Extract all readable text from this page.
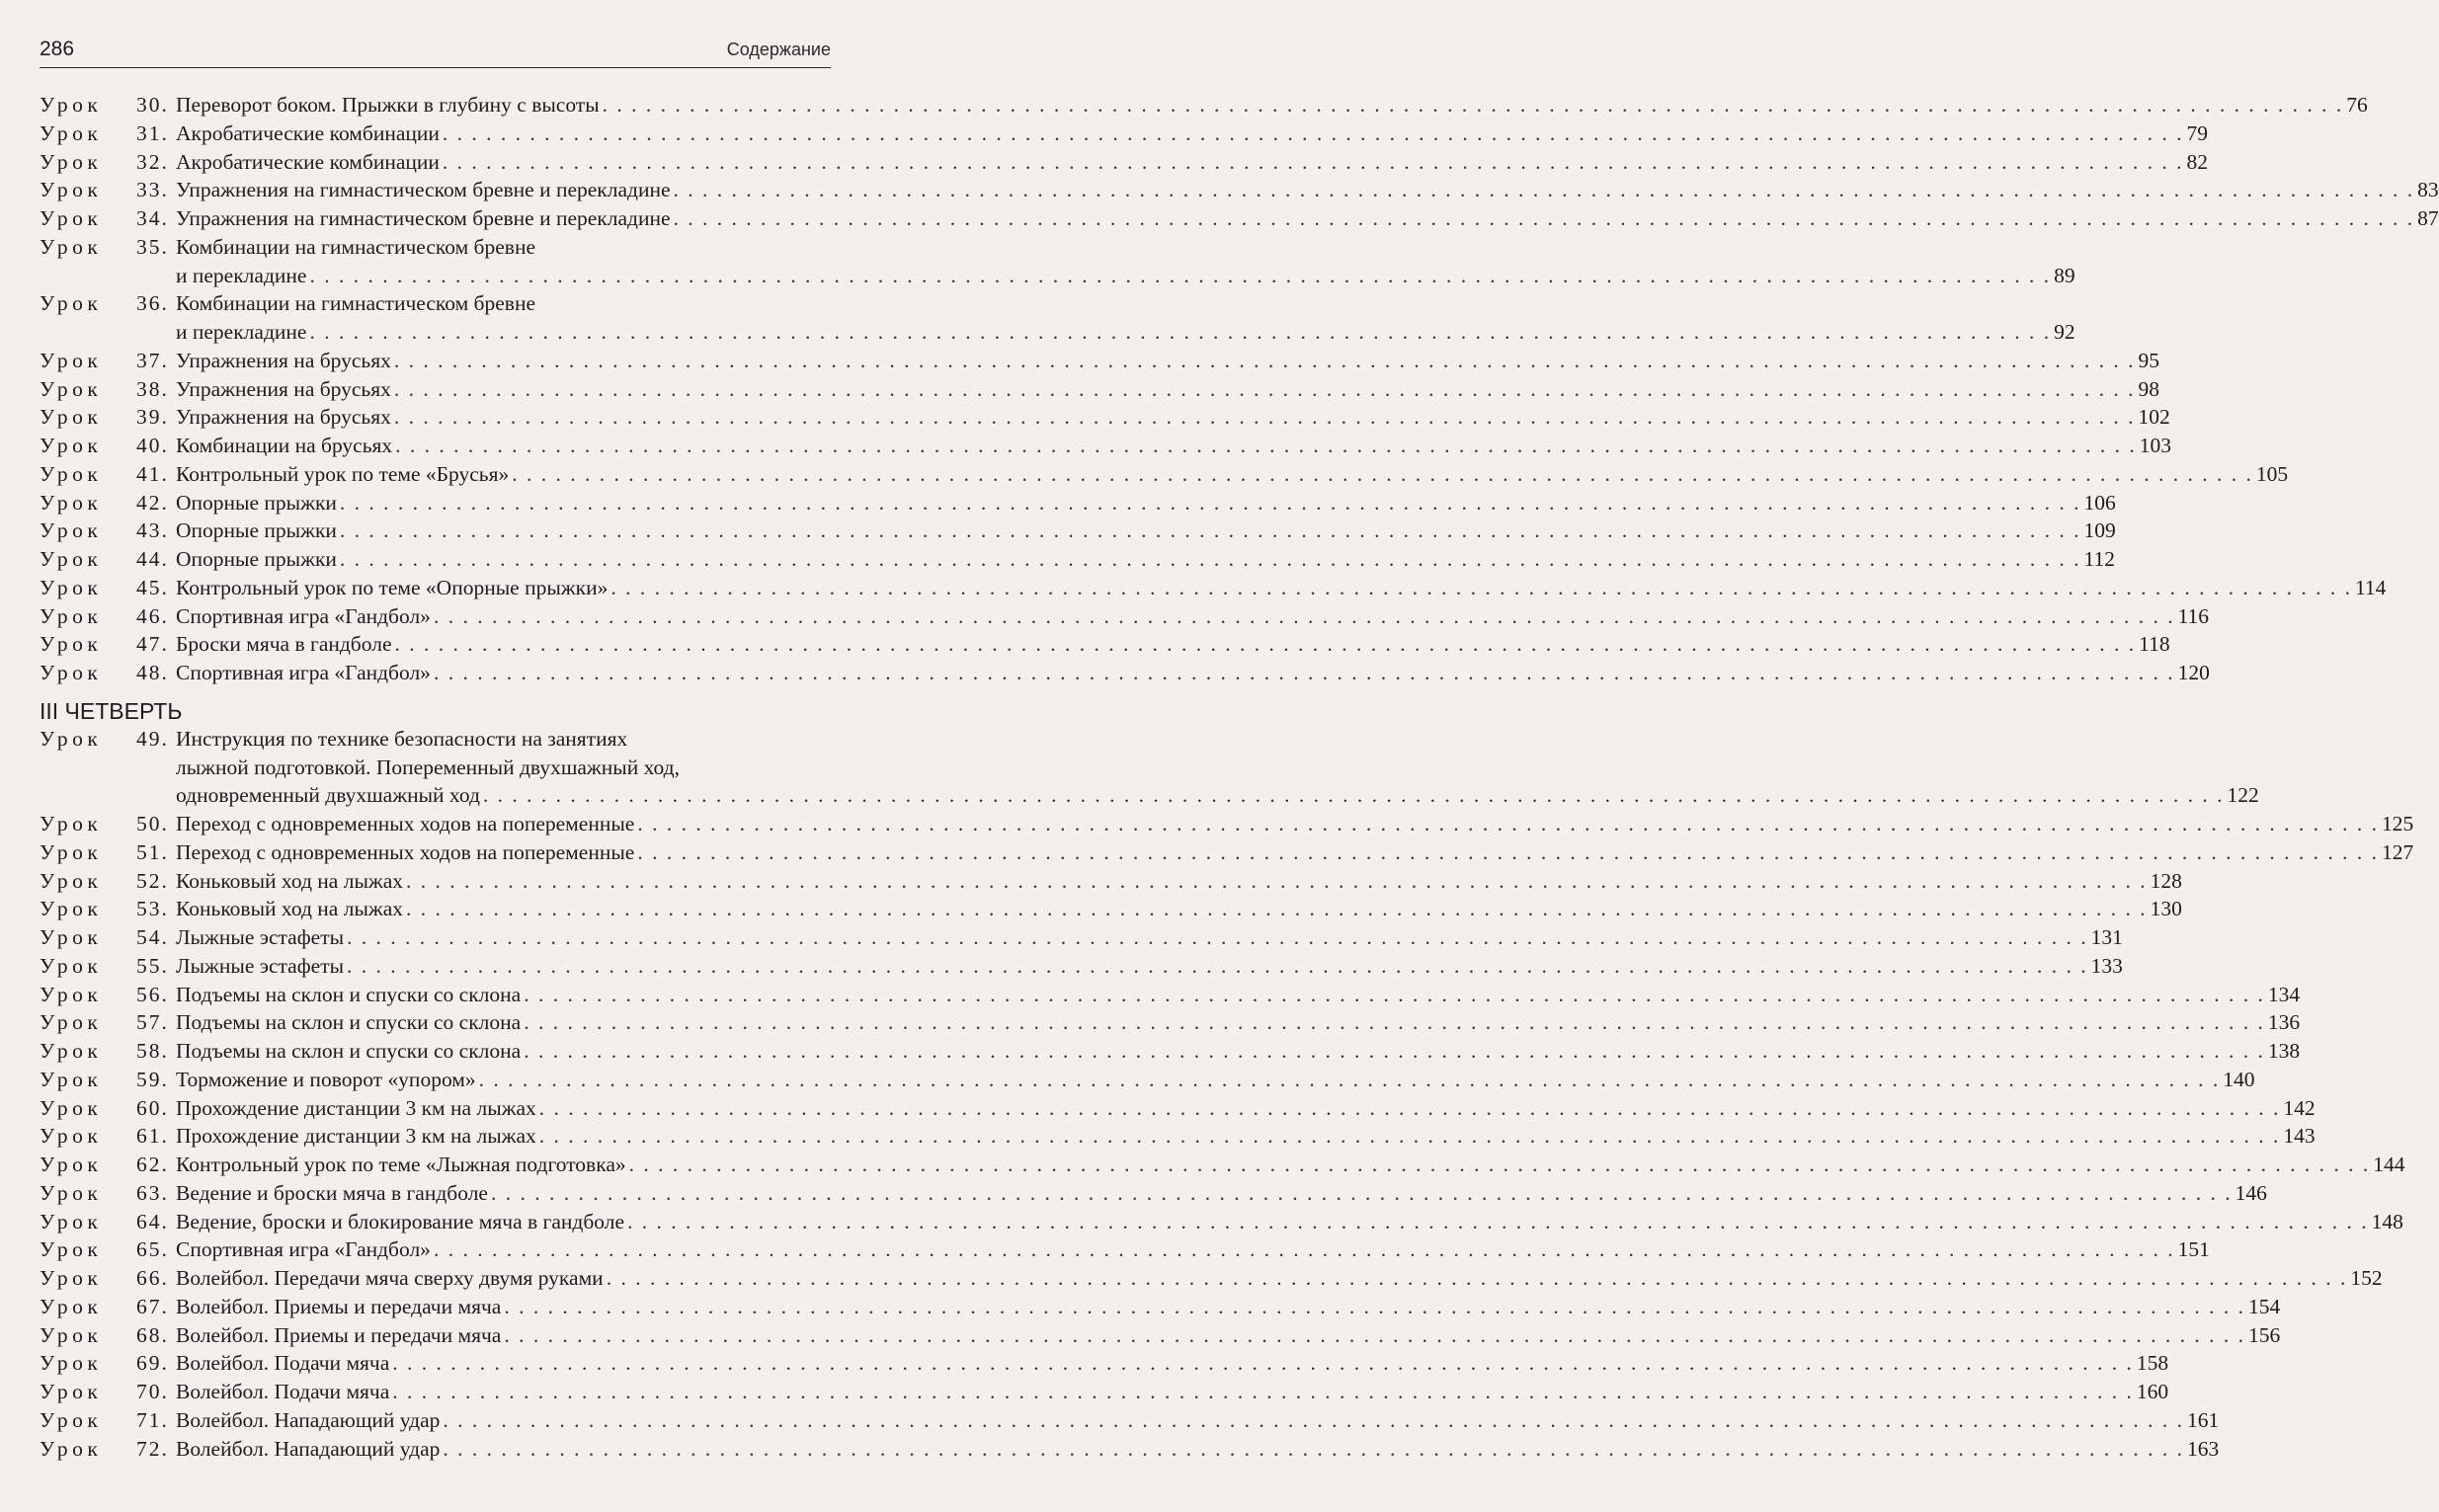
286	Содержание
Урок	30. Переворот боком. Прыжки в глубину с высоты . . . . . . . . . . . . . . . . . . . . . . . . . . . . . . . . . . . . . . . . . . . . . . . . . . . . . . . . . . . . . . . . . . . . . . . . . . . . . . . . . . . . . . . . . . . . . . . . . . . . . . . . . . . . . . . . . . . . . . . . 76
Урок	31. Акробатические комбинации . . . . . . . . . . . . . . . . . . . . . . . . . . . . . . . . . . . . . . . . . . . . . . . . . . . . . . . . . . . . . . . . . . . . . . . . . . . . . . . . . . . . . . . . . . . . . . . . . . . . . . . . . . . . . . . . . . . . . . . . 79
Урок	32. Акробатические комбинации . . . . . . . . . . . . . . . . . . . . . . . . . . . . . . . . . . . . . . . . . . . . . . . . . . . . . . . . . . . . . . . . . . . . . . . . . . . . . . . . . . . . . . . . . . . . . . . . . . . . . . . . . . . . . . . . . . . . . . . . 82
Урок	33. Упражнения на гимнастическом бревне и перекладине . . . . . . . . . . . . . . . . . . . . . . . . . . . . . . . . . . . . . . . . . . . . . . . . . . . . . . . . . . . . . . . . . . . . . . . . . . . . . . . . . . . . . . . . . . . . . . . . . . . . . . . . . . . . . . . . . . . . . . . . 83
Урок	34. Упражнения на гимнастическом бревне и перекладине . . . . . . . . . . . . . . . . . . . . . . . . . . . . . . . . . . . . . . . . . . . . . . . . . . . . . . . . . . . . . . . . . . . . . . . . . . . . . . . . . . . . . . . . . . . . . . . . . . . . . . . . . . . . . . . . . . . . . . . . 87
Урок	35. Комбинации на гимнастическом бревне
и перекладине . . . . . . . . . . . . . . . . . . . . . . . . . . . . . . . . . . . . . . . . . . . . . . . . . . . . . . . . . . . . . . . . . . . . . . . . . . . . . . . . . . . . . . . . . . . . . . . . . . . . . . . . . . . . . . . . . . . . . . . . 89
Урок	36. Комбинации на гимнастическом бревне
и перекладине . . . . . . . . . . . . . . . . . . . . . . . . . . . . . . . . . . . . . . . . . . . . . . . . . . . . . . . . . . . . . . . . . . . . . . . . . . . . . . . . . . . . . . . . . . . . . . . . . . . . . . . . . . . . . . . . . . . . . . . . 92
Урок	37. Упражнения на брусьях . . . . . . . . . . . . . . . . . . . . . . . . . . . . . . . . . . . . . . . . . . . . . . . . . . . . . . . . . . . . . . . . . . . . . . . . . . . . . . . . . . . . . . . . . . . . . . . . . . . . . . . . . . . . . . . . . . . . . . . . 95
Урок	38. Упражнения на брусьях . . . . . . . . . . . . . . . . . . . . . . . . . . . . . . . . . . . . . . . . . . . . . . . . . . . . . . . . . . . . . . . . . . . . . . . . . . . . . . . . . . . . . . . . . . . . . . . . . . . . . . . . . . . . . . . . . . . . . . . . 98
Урок	39. Упражнения на брусьях . . . . . . . . . . . . . . . . . . . . . . . . . . . . . . . . . . . . . . . . . . . . . . . . . . . . . . . . . . . . . . . . . . . . . . . . . . . . . . . . . . . . . . . . . . . . . . . . . . . . . . . . . . . . . . . . . . . . . . . . 102
Урок	40. Комбинации на брусьях . . . . . . . . . . . . . . . . . . . . . . . . . . . . . . . . . . . . . . . . . . . . . . . . . . . . . . . . . . . . . . . . . . . . . . . . . . . . . . . . . . . . . . . . . . . . . . . . . . . . . . . . . . . . . . . . . . . . . . . . 103
Урок	41. Контрольный урок по теме «Брусья» . . . . . . . . . . . . . . . . . . . . . . . . . . . . . . . . . . . . . . . . . . . . . . . . . . . . . . . . . . . . . . . . . . . . . . . . . . . . . . . . . . . . . . . . . . . . . . . . . . . . . . . . . . . . . . . . . . . . . . . . 105
Урок	42. Опорные прыжки . . . . . . . . . . . . . . . . . . . . . . . . . . . . . . . . . . . . . . . . . . . . . . . . . . . . . . . . . . . . . . . . . . . . . . . . . . . . . . . . . . . . . . . . . . . . . . . . . . . . . . . . . . . . . . . . . . . . . . . . 106
Урок	43. Опорные прыжки . . . . . . . . . . . . . . . . . . . . . . . . . . . . . . . . . . . . . . . . . . . . . . . . . . . . . . . . . . . . . . . . . . . . . . . . . . . . . . . . . . . . . . . . . . . . . . . . . . . . . . . . . . . . . . . . . . . . . . . . 109
Урок	44. Опорные прыжки . . . . . . . . . . . . . . . . . . . . . . . . . . . . . . . . . . . . . . . . . . . . . . . . . . . . . . . . . . . . . . . . . . . . . . . . . . . . . . . . . . . . . . . . . . . . . . . . . . . . . . . . . . . . . . . . . . . . . . . . 112
Урок	45. Контрольный урок по теме «Опорные прыжки» . . . . . . . . . . . . . . . . . . . . . . . . . . . . . . . . . . . . . . . . . . . . . . . . . . . . . . . . . . . . . . . . . . . . . . . . . . . . . . . . . . . . . . . . . . . . . . . . . . . . . . . . . . . . . . . . . . . . . . . . 114
Урок	46. Спортивная игра «Гандбол» . . . . . . . . . . . . . . . . . . . . . . . . . . . . . . . . . . . . . . . . . . . . . . . . . . . . . . . . . . . . . . . . . . . . . . . . . . . . . . . . . . . . . . . . . . . . . . . . . . . . . . . . . . . . . . . . . . . . . . . . 116
Урок	47. Броски мяча в гандболе . . . . . . . . . . . . . . . . . . . . . . . . . . . . . . . . . . . . . . . . . . . . . . . . . . . . . . . . . . . . . . . . . . . . . . . . . . . . . . . . . . . . . . . . . . . . . . . . . . . . . . . . . . . . . . . . . . . . . . . . 118
Урок	48. Спортивная игра «Гандбол» . . . . . . . . . . . . . . . . . . . . . . . . . . . . . . . . . . . . . . . . . . . . . . . . . . . . . . . . . . . . . . . . . . . . . . . . . . . . . . . . . . . . . . . . . . . . . . . . . . . . . . . . . . . . . . . . . . . . . . . . 120
III ЧЕТВЕРТЬ
Урок	49. Инструкция по технике безопасности на занятиях
лыжной подготовкой. Попеременный двухшажный ход,
одновременный двухшажный ход . . . . . . . . . . . . . . . . . . . . . . . . . . . . . . . . . . . . . . . . . . . . . . . . . . . . . . . . . . . . . . . . . . . . . . . . . . . . . . . . . . . . . . . . . . . . . . . . . . . . . . . . . . . . . . . . . . . . . . . . 122
Урок	50. Переход с одновременных ходов на попеременные . . . . . . . . . . . . . . . . . . . . . . . . . . . . . . . . . . . . . . . . . . . . . . . . . . . . . . . . . . . . . . . . . . . . . . . . . . . . . . . . . . . . . . . . . . . . . . . . . . . . . . . . . . . . . . . . . . . . . . . . 125
Урок	51. Переход с одновременных ходов на попеременные . . . . . . . . . . . . . . . . . . . . . . . . . . . . . . . . . . . . . . . . . . . . . . . . . . . . . . . . . . . . . . . . . . . . . . . . . . . . . . . . . . . . . . . . . . . . . . . . . . . . . . . . . . . . . . . . . . . . . . . . 127
Урок	52. Коньковый ход на лыжах . . . . . . . . . . . . . . . . . . . . . . . . . . . . . . . . . . . . . . . . . . . . . . . . . . . . . . . . . . . . . . . . . . . . . . . . . . . . . . . . . . . . . . . . . . . . . . . . . . . . . . . . . . . . . . . . . . . . . . . . 128
Урок	53. Коньковый ход на лыжах . . . . . . . . . . . . . . . . . . . . . . . . . . . . . . . . . . . . . . . . . . . . . . . . . . . . . . . . . . . . . . . . . . . . . . . . . . . . . . . . . . . . . . . . . . . . . . . . . . . . . . . . . . . . . . . . . . . . . . . . 130
Урок	54. Лыжные эстафеты . . . . . . . . . . . . . . . . . . . . . . . . . . . . . . . . . . . . . . . . . . . . . . . . . . . . . . . . . . . . . . . . . . . . . . . . . . . . . . . . . . . . . . . . . . . . . . . . . . . . . . . . . . . . . . . . . . . . . . . . 131
Урок	55. Лыжные эстафеты . . . . . . . . . . . . . . . . . . . . . . . . . . . . . . . . . . . . . . . . . . . . . . . . . . . . . . . . . . . . . . . . . . . . . . . . . . . . . . . . . . . . . . . . . . . . . . . . . . . . . . . . . . . . . . . . . . . . . . . . 133
Урок	56. Подъемы на склон и спуски со склона . . . . . . . . . . . . . . . . . . . . . . . . . . . . . . . . . . . . . . . . . . . . . . . . . . . . . . . . . . . . . . . . . . . . . . . . . . . . . . . . . . . . . . . . . . . . . . . . . . . . . . . . . . . . . . . . . . . . . . . . 134
Урок	57. Подъемы на склон и спуски со склона . . . . . . . . . . . . . . . . . . . . . . . . . . . . . . . . . . . . . . . . . . . . . . . . . . . . . . . . . . . . . . . . . . . . . . . . . . . . . . . . . . . . . . . . . . . . . . . . . . . . . . . . . . . . . . . . . . . . . . . . 136
Урок	58. Подъемы на склон и спуски со склона . . . . . . . . . . . . . . . . . . . . . . . . . . . . . . . . . . . . . . . . . . . . . . . . . . . . . . . . . . . . . . . . . . . . . . . . . . . . . . . . . . . . . . . . . . . . . . . . . . . . . . . . . . . . . . . . . . . . . . . . 138
Урок	59. Торможение и поворот «упором» . . . . . . . . . . . . . . . . . . . . . . . . . . . . . . . . . . . . . . . . . . . . . . . . . . . . . . . . . . . . . . . . . . . . . . . . . . . . . . . . . . . . . . . . . . . . . . . . . . . . . . . . . . . . . . . . . . . . . . . . 140
Урок	60. Прохождение дистанции 3 км на лыжах . . . . . . . . . . . . . . . . . . . . . . . . . . . . . . . . . . . . . . . . . . . . . . . . . . . . . . . . . . . . . . . . . . . . . . . . . . . . . . . . . . . . . . . . . . . . . . . . . . . . . . . . . . . . . . . . . . . . . . . . 142
Урок	61. Прохождение дистанции 3 км на лыжах . . . . . . . . . . . . . . . . . . . . . . . . . . . . . . . . . . . . . . . . . . . . . . . . . . . . . . . . . . . . . . . . . . . . . . . . . . . . . . . . . . . . . . . . . . . . . . . . . . . . . . . . . . . . . . . . . . . . . . . . 143
Урок	62. Контрольный урок по теме «Лыжная подготовка» . . . . . . . . . . . . . . . . . . . . . . . . . . . . . . . . . . . . . . . . . . . . . . . . . . . . . . . . . . . . . . . . . . . . . . . . . . . . . . . . . . . . . . . . . . . . . . . . . . . . . . . . . . . . . . . . . . . . . . . . 144
Урок	63. Ведение и броски мяча в гандболе . . . . . . . . . . . . . . . . . . . . . . . . . . . . . . . . . . . . . . . . . . . . . . . . . . . . . . . . . . . . . . . . . . . . . . . . . . . . . . . . . . . . . . . . . . . . . . . . . . . . . . . . . . . . . . . . . . . . . . . . 146
Урок	64. Ведение, броски и блокирование мяча в гандболе . . . . . . . . . . . . . . . . . . . . . . . . . . . . . . . . . . . . . . . . . . . . . . . . . . . . . . . . . . . . . . . . . . . . . . . . . . . . . . . . . . . . . . . . . . . . . . . . . . . . . . . . . . . . . . . . . . . . . . . . 148
Урок	65. Спортивная игра «Гандбол» . . . . . . . . . . . . . . . . . . . . . . . . . . . . . . . . . . . . . . . . . . . . . . . . . . . . . . . . . . . . . . . . . . . . . . . . . . . . . . . . . . . . . . . . . . . . . . . . . . . . . . . . . . . . . . . . . . . . . . . . 151
Урок	66. Волейбол. Передачи мяча сверху двумя руками . . . . . . . . . . . . . . . . . . . . . . . . . . . . . . . . . . . . . . . . . . . . . . . . . . . . . . . . . . . . . . . . . . . . . . . . . . . . . . . . . . . . . . . . . . . . . . . . . . . . . . . . . . . . . . . . . . . . . . . . 152
Урок	67. Волейбол. Приемы и передачи мяча . . . . . . . . . . . . . . . . . . . . . . . . . . . . . . . . . . . . . . . . . . . . . . . . . . . . . . . . . . . . . . . . . . . . . . . . . . . . . . . . . . . . . . . . . . . . . . . . . . . . . . . . . . . . . . . . . . . . . . . . 154
Урок	68. Волейбол. Приемы и передачи мяча . . . . . . . . . . . . . . . . . . . . . . . . . . . . . . . . . . . . . . . . . . . . . . . . . . . . . . . . . . . . . . . . . . . . . . . . . . . . . . . . . . . . . . . . . . . . . . . . . . . . . . . . . . . . . . . . . . . . . . . . 156
Урок	69. Волейбол. Подачи мяча . . . . . . . . . . . . . . . . . . . . . . . . . . . . . . . . . . . . . . . . . . . . . . . . . . . . . . . . . . . . . . . . . . . . . . . . . . . . . . . . . . . . . . . . . . . . . . . . . . . . . . . . . . . . . . . . . . . . . . . . 158
Урок	70. Волейбол. Подачи мяча . . . . . . . . . . . . . . . . . . . . . . . . . . . . . . . . . . . . . . . . . . . . . . . . . . . . . . . . . . . . . . . . . . . . . . . . . . . . . . . . . . . . . . . . . . . . . . . . . . . . . . . . . . . . . . . . . . . . . . . . 160
Урок	71. Волейбол. Нападающий удар . . . . . . . . . . . . . . . . . . . . . . . . . . . . . . . . . . . . . . . . . . . . . . . . . . . . . . . . . . . . . . . . . . . . . . . . . . . . . . . . . . . . . . . . . . . . . . . . . . . . . . . . . . . . . . . . . . . . . . . . 161
Урок	72. Волейбол. Нападающий удар . . . . . . . . . . . . . . . . . . . . . . . . . . . . . . . . . . . . . . . . . . . . . . . . . . . . . . . . . . . . . . . . . . . . . . . . . . . . . . . . . . . . . . . . . . . . . . . . . . . . . . . . . . . . . . . . . . . . . . . . 163
